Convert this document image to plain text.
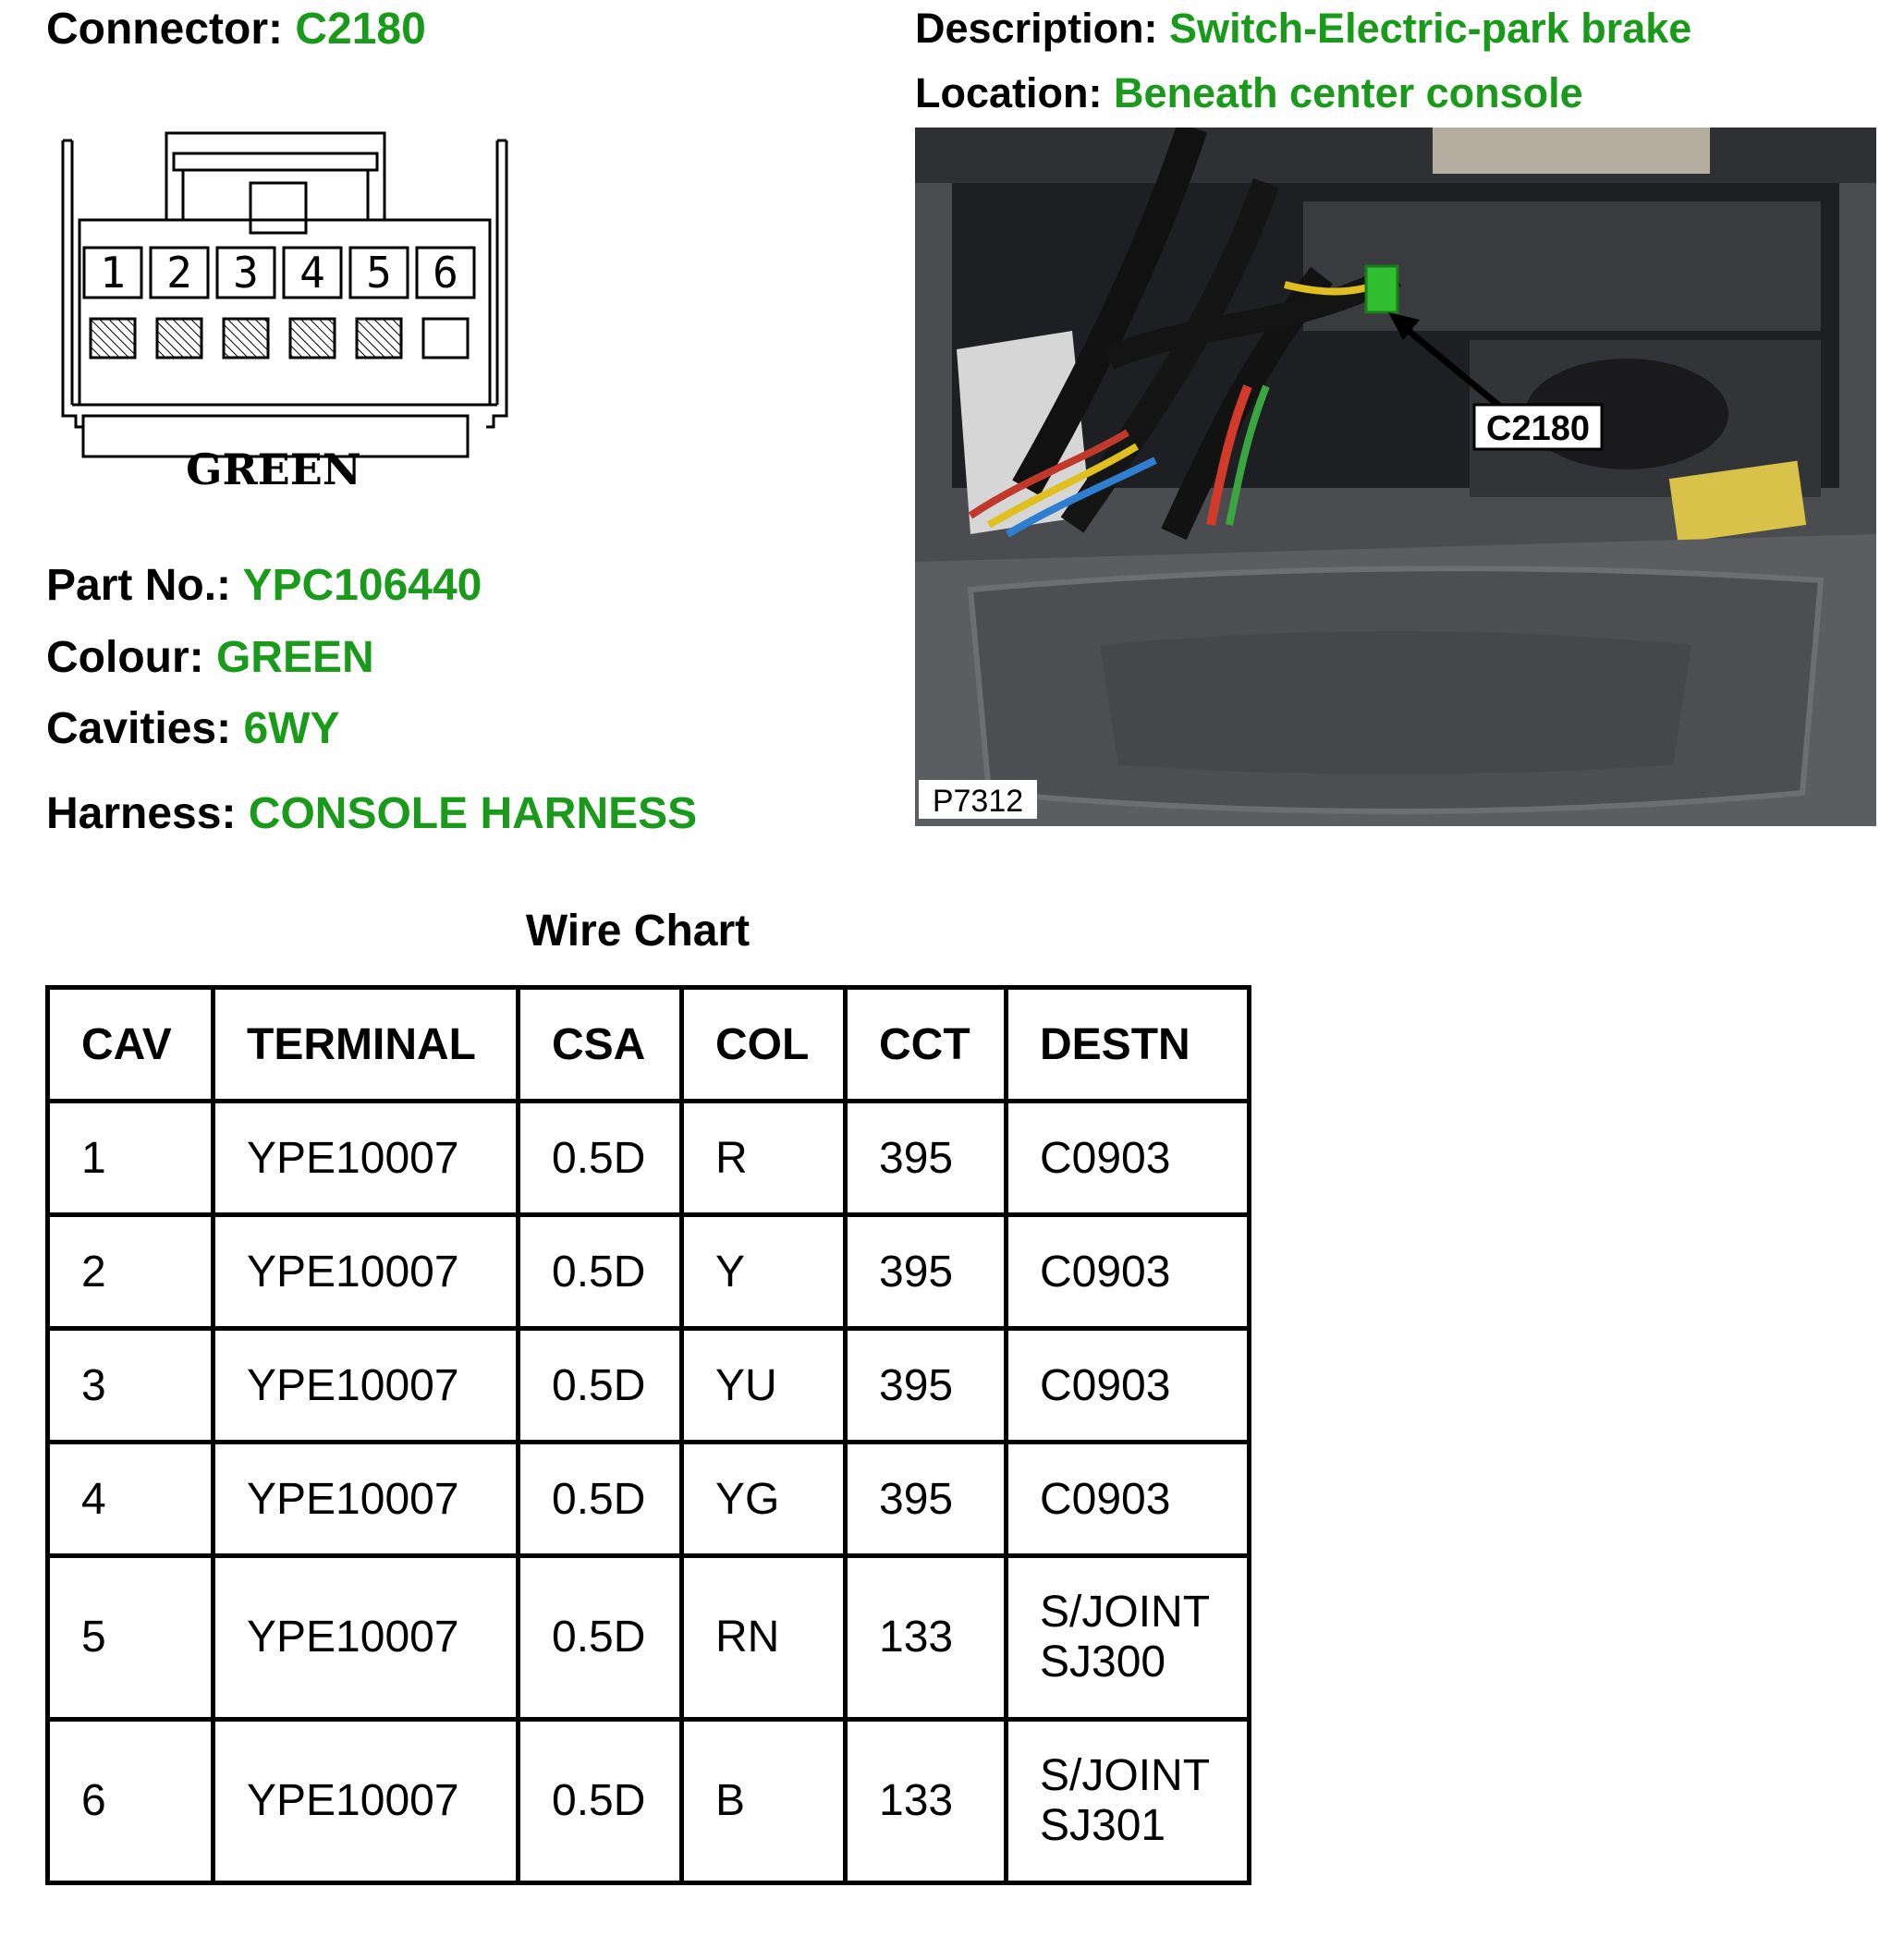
Connector: C2180	Description: Switch-Electric-park brake
Location: Beneath center console
1 2 3 4 5 6
GREEN
C2180
P7312
Part No.: YPC106440
Colour: GREEN
Cavities: 6WY
Harness: CONSOLE HARNESS
Wire Chart
CAV	TERMINAL	CSA	COL	CCT	DESTN
1	YPE10007	0.5D	R	395	C0903
2	YPE10007	0.5D	Y	395	C0903
3	YPE10007	0.5D	YU	395	C0903
4	YPE10007	0.5D	YG	395	C0903
5	YPE10007	0.5D	RN	133	S/JOINT
SJ300

6	YPE10007	0.5D	B	133	S/JOINT
SJ301
